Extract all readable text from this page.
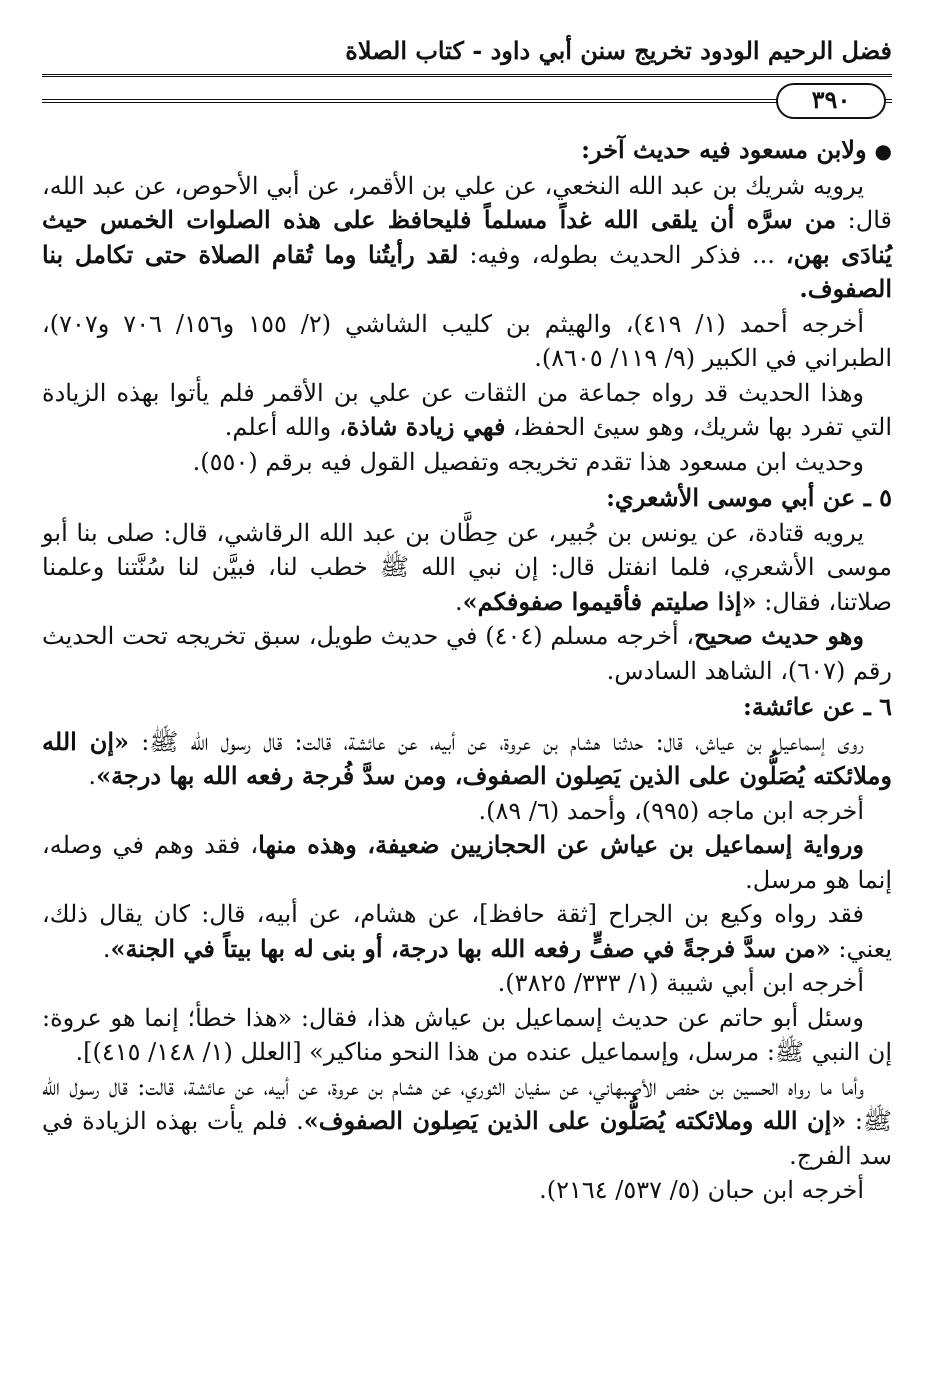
فضل الرحيم الودود تخريج سنن أبي داود - كتاب الصلاة
٣٩٠

●ولابن مسعود فيه حديث آخر:

يرويه شريك بن عبد الله النخعي، عن علي بن الأقمر، عن أبي الأحوص، عن عبد الله، قال: من سرَّه أن يلقى الله غداً مسلماً فليحافظ على هذه الصلوات الخمس حيث يُنادَى بهن، ... فذكر الحديث بطوله، وفيه: لقد رأيتُنا وما تُقام الصلاة حتى تكامل بنا الصفوف.

أخرجه أحمد (١/ ٤١٩)، والهيثم بن كليب الشاشي (٢/ ١٥٥ و١٥٦/ ٧٠٦ و٧٠٧)، الطبراني في الكبير (٩/ ١١٩/ ٨٦٠٥).

وهذا الحديث قد رواه جماعة من الثقات عن علي بن الأقمر فلم يأتوا بهذه الزيادة التي تفرد بها شريك، وهو سيئ الحفظ، فهي زيادة شاذة، والله أعلم.

وحديث ابن مسعود هذا تقدم تخريجه وتفصيل القول فيه برقم (٥٥٠).

٥ ـ عن أبي موسى الأشعري:

يرويه قتادة، عن يونس بن جُبير، عن حِطَّان بن عبد الله الرقاشي، قال: صلى بنا أبو موسى الأشعري، فلما انفتل قال: إن نبي الله ﷺ خطب لنا، فبيَّن لنا سُنَّتنا وعلمنا صلاتنا، فقال: «إذا صليتم فأقيموا صفوفكم».

وهو حديث صحيح، أخرجه مسلم (٤٠٤) في حديث طويل، سبق تخريجه تحت الحديث رقم (٦٠٧)، الشاهد السادس.

٦ ـ عن عائشة:

روى إسماعيل بن عياش، قال: حدثنا هشام بن عروة، عن أبيه، عن عائشة، قالت: قال رسول الله ﷺ: «إن الله وملائكته يُصَلُّون على الذين يَصِلون الصفوف، ومن سدَّ فُرجة رفعه الله بها درجة».

أخرجه ابن ماجه (٩٩٥)، وأحمد (٦/ ٨٩).

ورواية إسماعيل بن عياش عن الحجازيين ضعيفة، وهذه منها، فقد وهم في وصله، إنما هو مرسل.

فقد رواه وكيع بن الجراح [ثقة حافظ]، عن هشام، عن أبيه، قال: كان يقال ذلك، يعني: «من سدَّ فرجةً في صفٍّ رفعه الله بها درجة، أو بنى له بها بيتاً في الجنة».

أخرجه ابن أبي شيبة (١/ ٣٣٣/ ٣٨٢٥).

وسئل أبو حاتم عن حديث إسماعيل بن عياش هذا، فقال: «هذا خطأ؛ إنما هو عروة: إن النبي ﷺ: مرسل، وإسماعيل عنده من هذا النحو مناكير» [العلل (١/ ١٤٨/ ٤١٥)].

وأما ما رواه الحسين بن حفص الأصبهاني، عن سفيان الثوري، عن هشام بن عروة، عن أبيه، عن عائشة، قالت: قال رسول الله ﷺ: «إن الله وملائكته يُصَلُّون على الذين يَصِلون الصفوف». فلم يأت بهذه الزيادة في سد الفرج.

أخرجه ابن حبان (٥/ ٥٣٧/ ٢١٦٤).
